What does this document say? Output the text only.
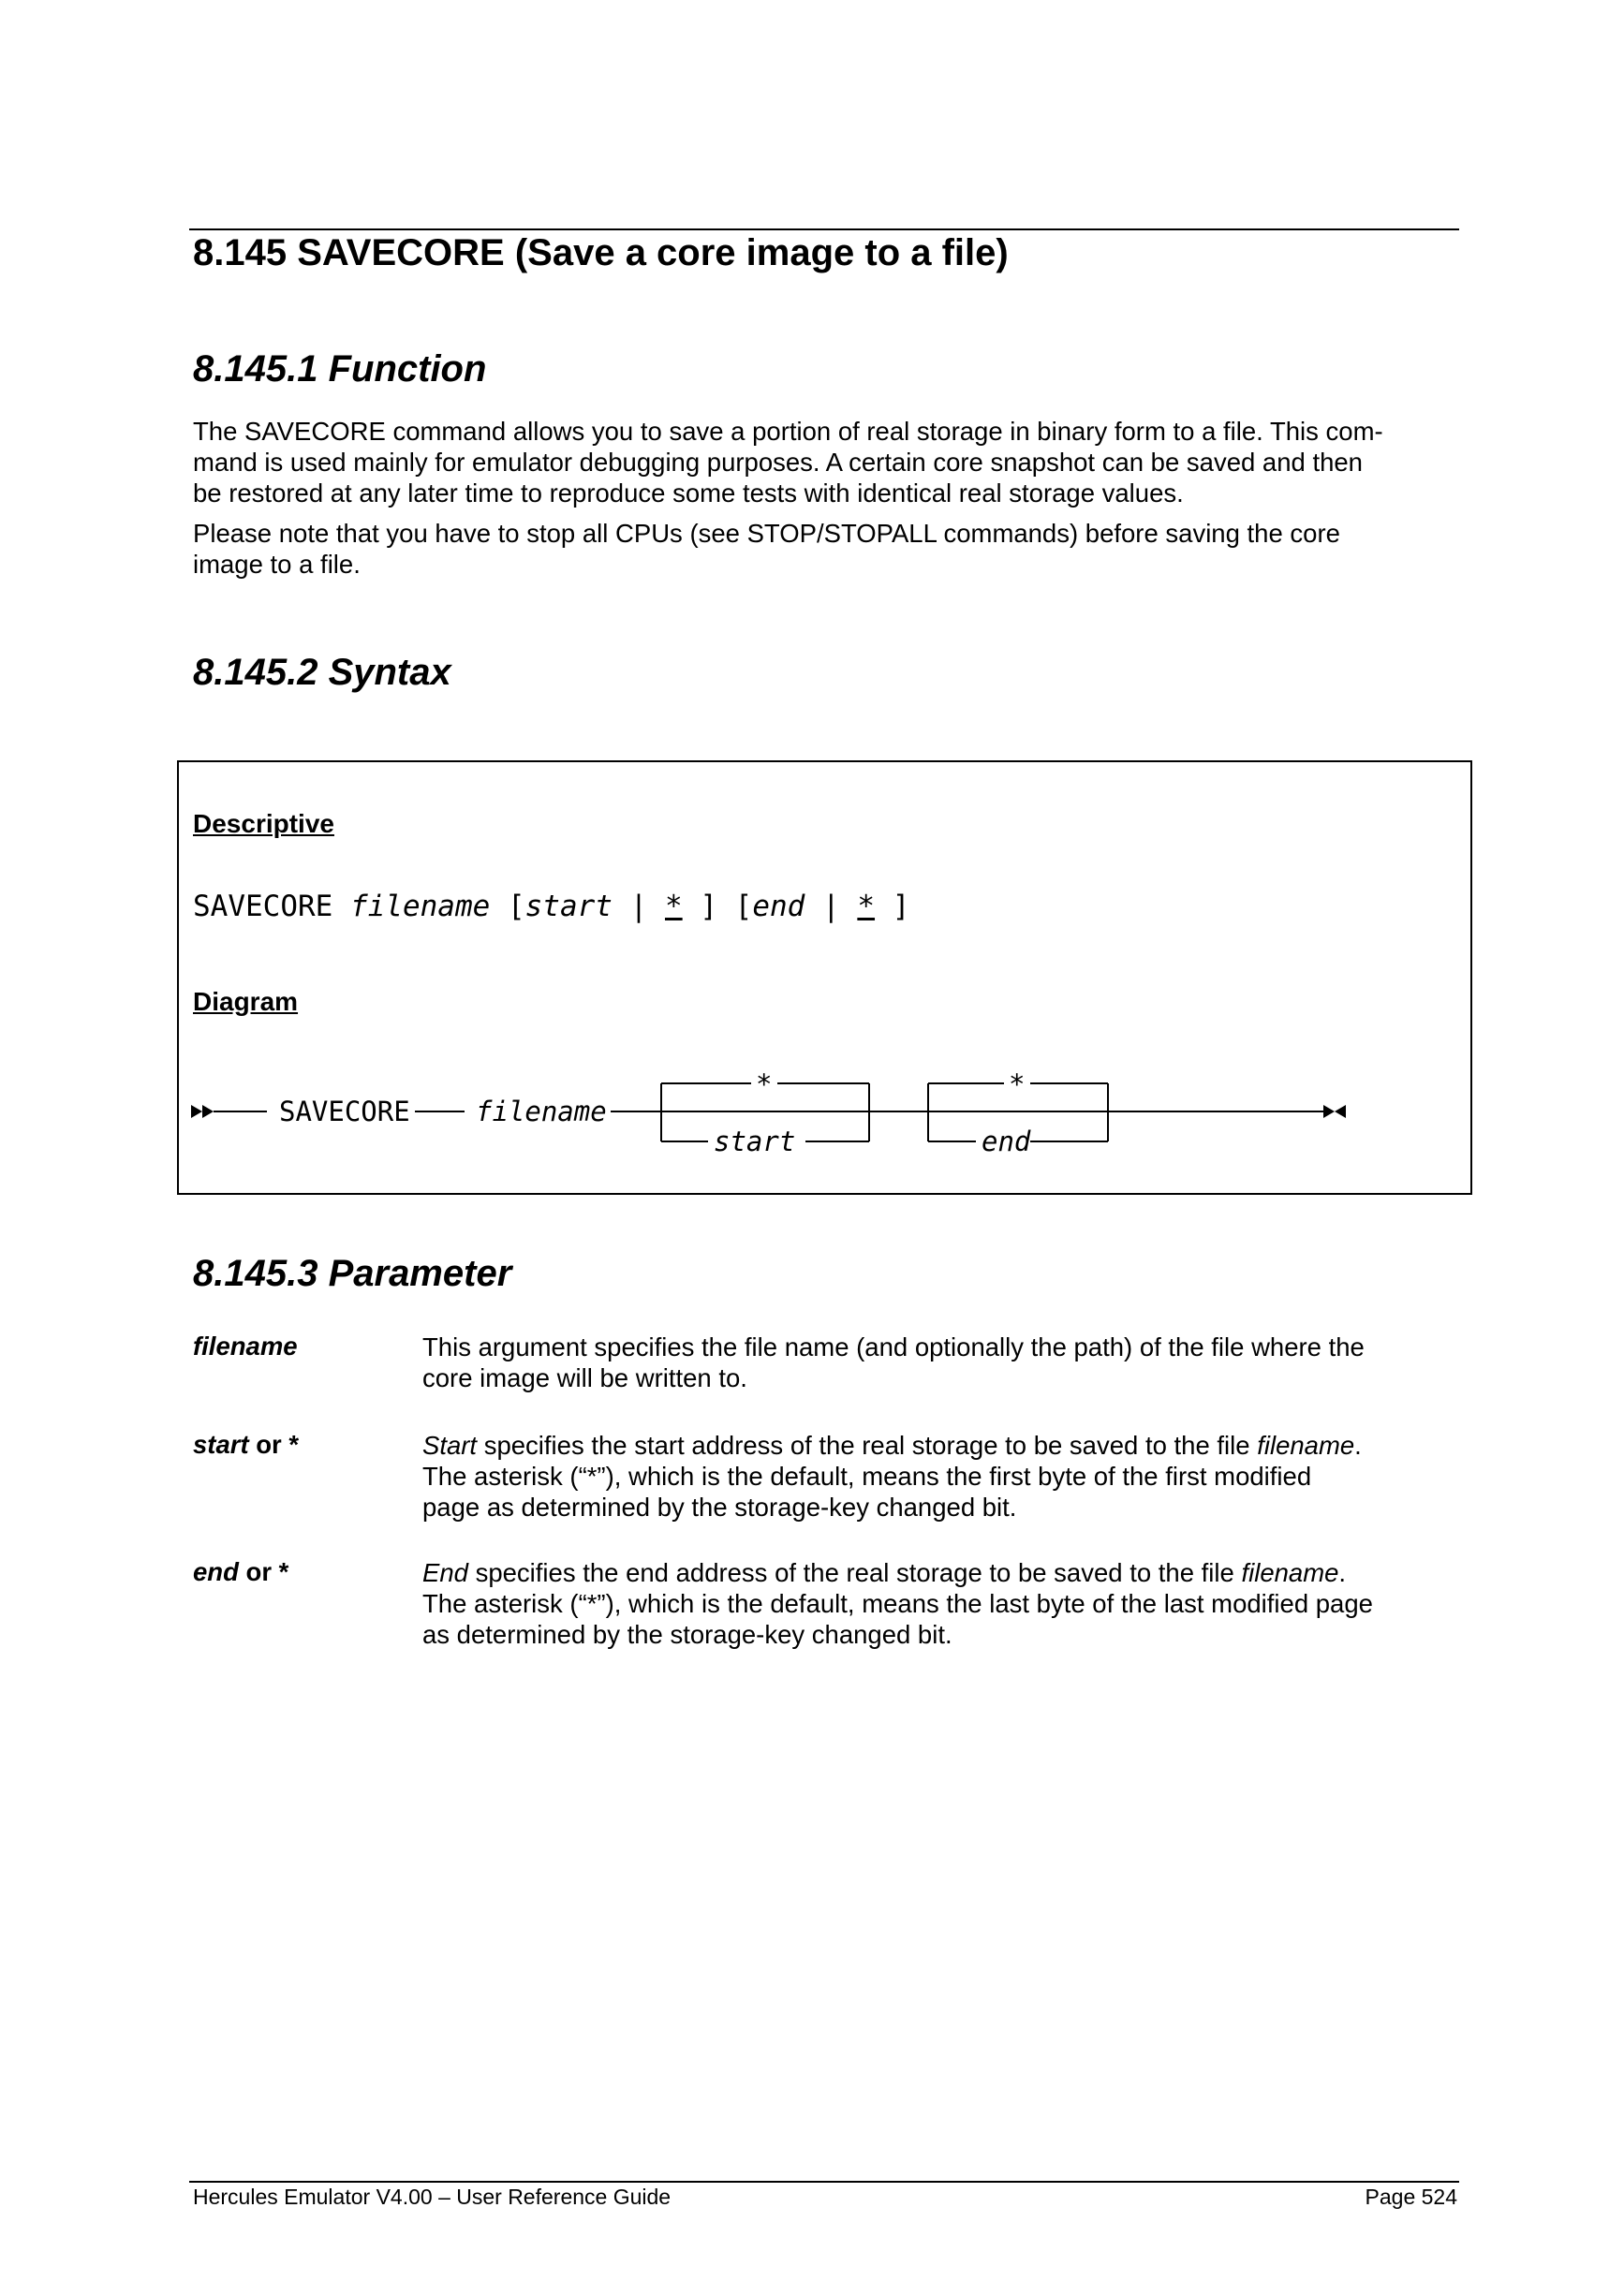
8.145 SAVECORE (Save a core image to a file)
8.145.1 Function
The SAVECORE command allows you to save a portion of real storage in binary form to a file. This com-
mand is used mainly for emulator debugging purposes. A certain core snapshot can be saved and then
be restored at any later time to reproduce some tests with identical real storage values.
Please note that you have to stop all CPUs (see STOP/STOPALL commands) before saving the core
image to a file.
8.145.2 Syntax
Descriptive
SAVECORE filename [start | * ] [end | * ]
Diagram
SAVECORE filename
*
start
*
end
8.145.3 Parameter
filename	This argument specifies the file name (and optionally the path) of the file where the
core image will be written to.
start or *	Start specifies the start address of the real storage to be saved to the file filename.
The asterisk (“*”), which is the default, means the first byte of the first modified
page as determined by the storage-key changed bit.
end or *	End specifies the end address of the real storage to be saved to the file filename.
The asterisk (“*”), which is the default, means the last byte of the last modified page
as determined by the storage-key changed bit.
Hercules Emulator V4.00 – User Reference Guide	Page 524
